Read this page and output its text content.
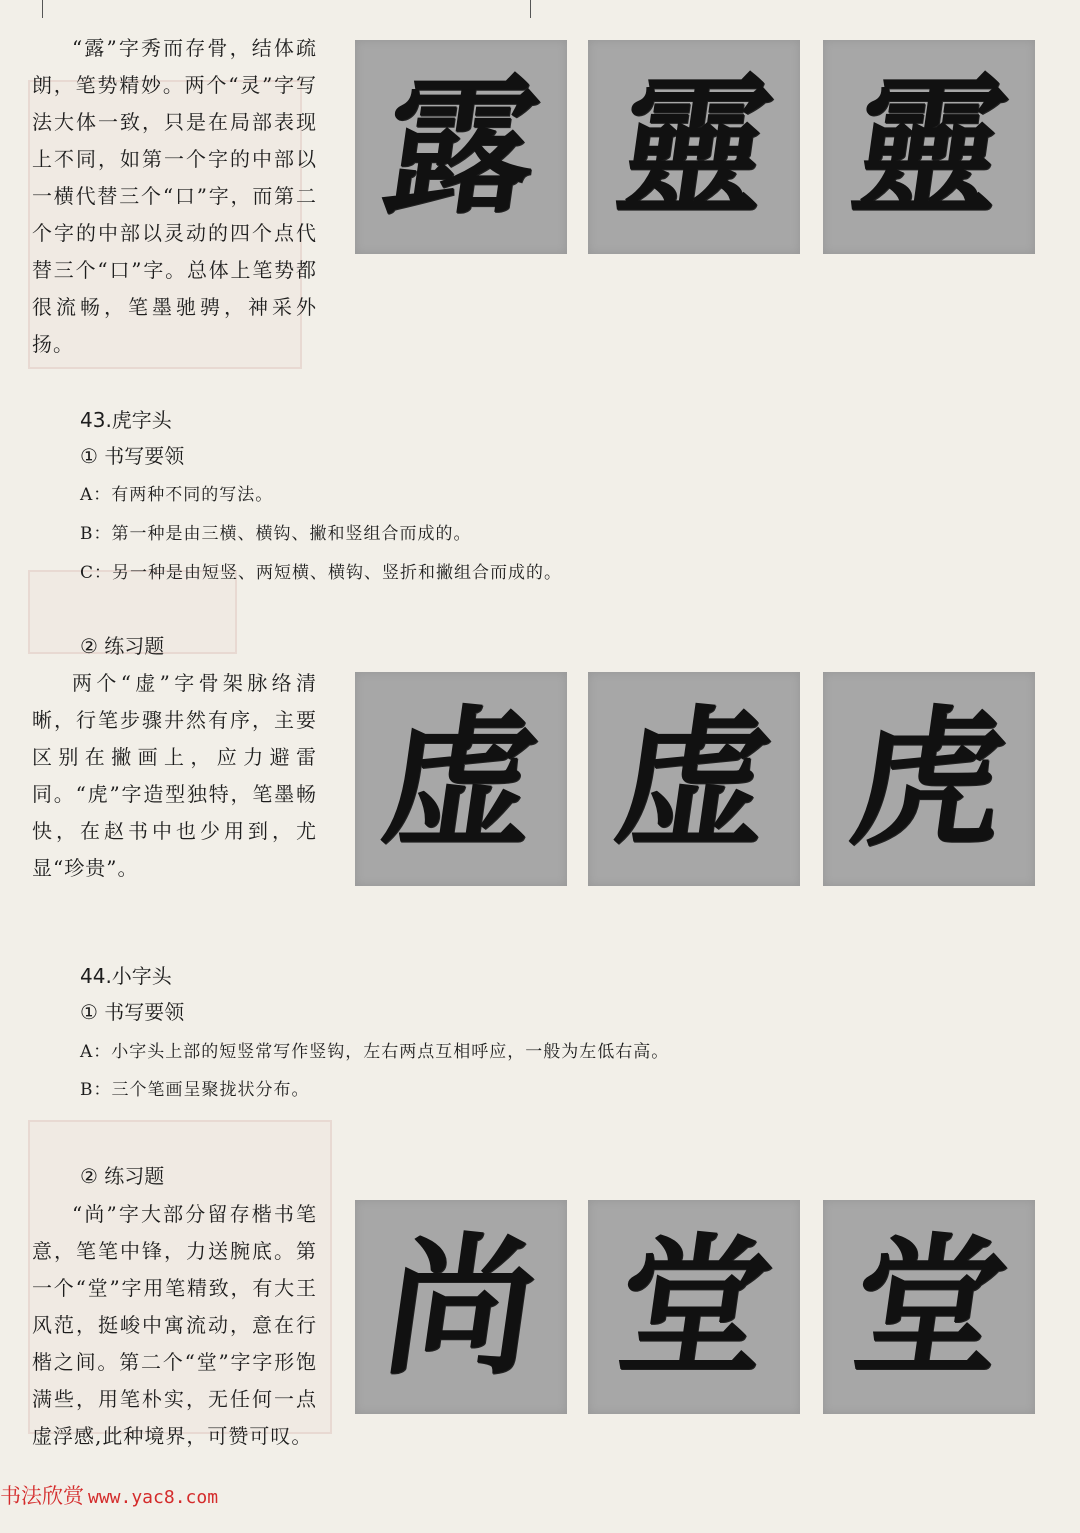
“露”字秀而存骨，结体疏朗，笔势精妙。两个“灵”字写法大体一致，只是在局部表现上不同，如第一个字的中部以一横代替三个“口”字，而第二个字的中部以灵动的四个点代替三个“口”字。总体上笔势都很流畅，笔墨驰骋，神采外扬。

露 靈 靈
43.虎字头
① 书写要领
A：有两种不同的写法。
B：第一种是由三横、横钩、撇和竖组合而成的。
C：另一种是由短竖、两短横、横钩、竖折和撇组合而成的。
② 练习题

两个“虚”字骨架脉络清晰，行笔步骤井然有序，主要区别在撇画上，应力避雷同。“虎”字造型独特，笔墨畅快，在赵书中也少用到，尤显“珍贵”。

虚 虚 虎
44.小字头
① 书写要领
A：小字头上部的短竖常写作竖钩，左右两点互相呼应，一般为左低右高。
B：三个笔画呈聚拢状分布。
② 练习题

“尚”字大部分留存楷书笔意，笔笔中锋，力送腕底。第一个“堂”字用笔精致，有大王风范，挺峻中寓流动，意在行楷之间。第二个“堂”字字形饱满些，用笔朴实，无任何一点虚浮感,此种境界，可赞可叹。

尚 堂 堂
书法欣赏 www.yac8.com
